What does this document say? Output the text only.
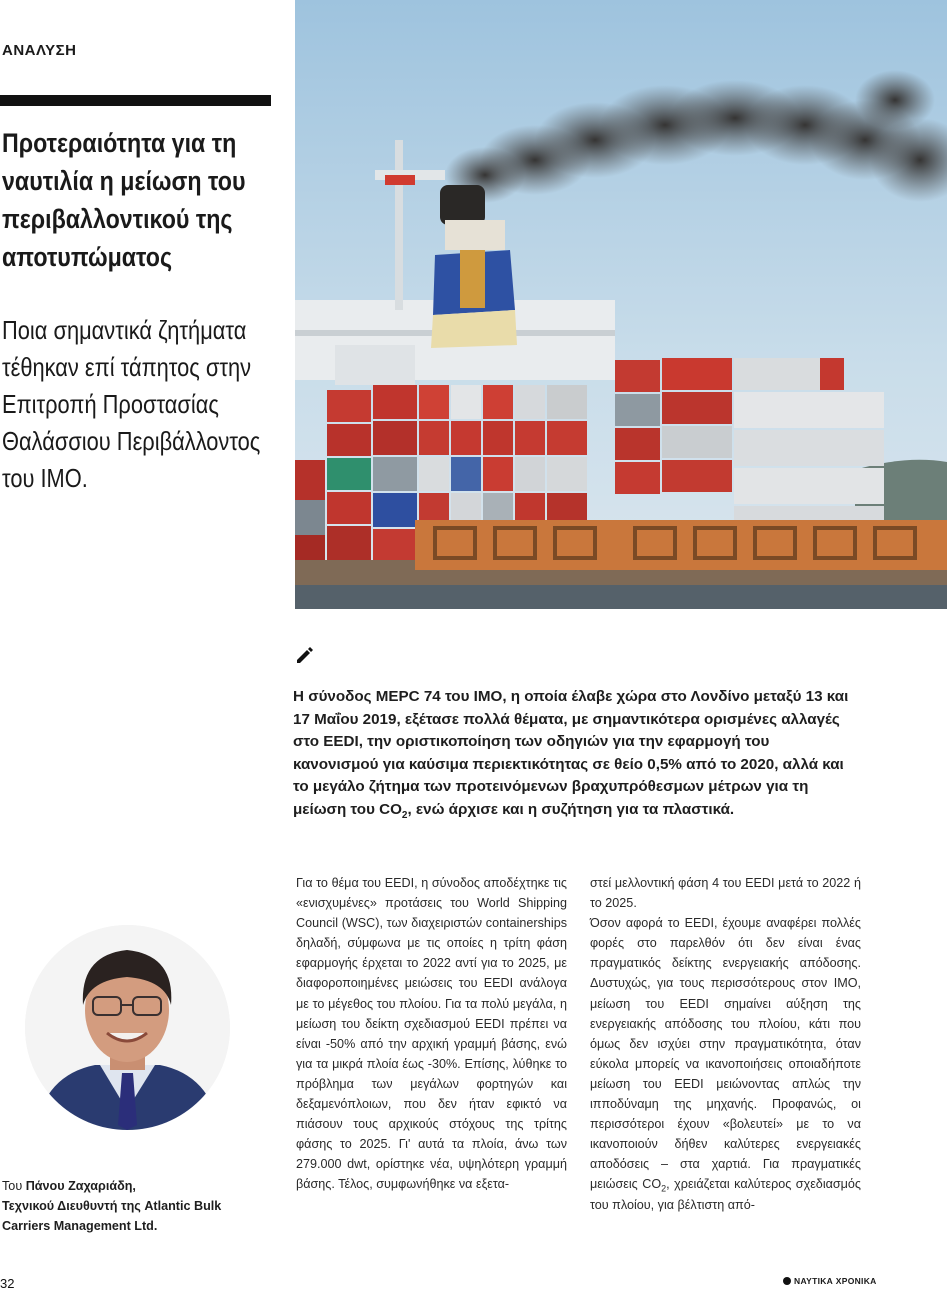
ΑΝΑΛΥΣΗ
Προτεραιότητα για τη ναυτιλία η μείωση του περιβαλλοντικού της αποτυπώματος
Ποια σημαντικά ζητήματα τέθηκαν επί τάπητος στην Επιτροπή Προστασίας Θαλάσσιου Περιβάλλοντος του ΙΜΟ.

Η σύνοδος MEPC 74 του IMO, η οποία έλαβε χώρα στο Λονδίνο μεταξύ 13 και 17 Μαΐου 2019, εξέτασε πολλά θέματα, με σημαντικότερα ορισμένες αλλαγές στο EEDI, την οριστικοποίηση των οδηγιών για την εφαρμογή του κανονισμού για καύσιμα περιεκτικότητας σε θείο 0,5% από το 2020, αλλά και το μεγάλο ζήτημα των προτεινόμενων βραχυπρόθεσμων μέτρων για τη μείωση του $CO_2$, ενώ άρχισε και η συζήτηση για τα πλαστικά.

Για το θέμα του EEDI, η σύνοδος αποδέχτηκε τις «ενισχυμένες» προτάσεις του World Shipping Council (WSC), των διαχειριστών containerships δηλαδή, σύμφωνα με τις οποίες η τρίτη φάση εφαρμογής έρχεται το 2022 αντί για το 2025, με διαφοροποιημένες μειώσεις του EEDI ανάλογα με το μέγεθος του πλοίου. Για τα πολύ μεγάλα, η μείωση του δείκτη σχεδιασμού EEDI πρέπει να είναι -50% από την αρχική γραμμή βάσης, ενώ για τα μικρά πλοία έως -30%. Επίσης, λύθηκε το πρόβλημα των μεγάλων φορτηγών και δεξαμενόπλοιων, που δεν ήταν εφικτό να πιάσουν τους αρχικούς στόχους της τρίτης φάσης το 2025. Γι' αυτά τα πλοία, άνω των 279.000 dwt, ορίστηκε νέα, υψηλότερη γραμμή βάσης. Τέλος, συμφωνήθηκε να εξετα-

στεί μελλοντική φάση 4 του EEDI μετά το 2022 ή το 2025.

Όσον αφορά το EEDI, έχουμε αναφέρει πολλές φορές στο παρελθόν ότι δεν είναι ένας πραγματικός δείκτης ενεργειακής απόδοσης. Δυστυχώς, για τους περισσότερους στον IMO, μείωση του EEDI σημαίνει αύξηση της ενεργειακής απόδοσης του πλοίου, κάτι που όμως δεν ισχύει στην πραγματικότητα, όταν εύκολα μπορείς να ικανοποιήσεις οποιαδήποτε μείωση του EEDI μειώνοντας απλώς την ιπποδύναμη της μηχανής. Προφανώς, οι περισσότεροι έχουν «βολευτεί» με το να ικανοποιούν δήθεν καλύτερες ενεργειακές αποδόσεις – στα χαρτιά. Για πραγματικές μειώσεις $CO_2$, χρειάζεται καλύτερος σχεδιασμός του πλοίου, για βέλτιστη από-

Του Πάνου Ζαχαριάδη,
Τεχνικού Διευθυντή της Atlantic Bulk Carriers Management Ltd.

32	ΝΑΥΤΙΚΑ ΧΡΟΝΙΚΑ
